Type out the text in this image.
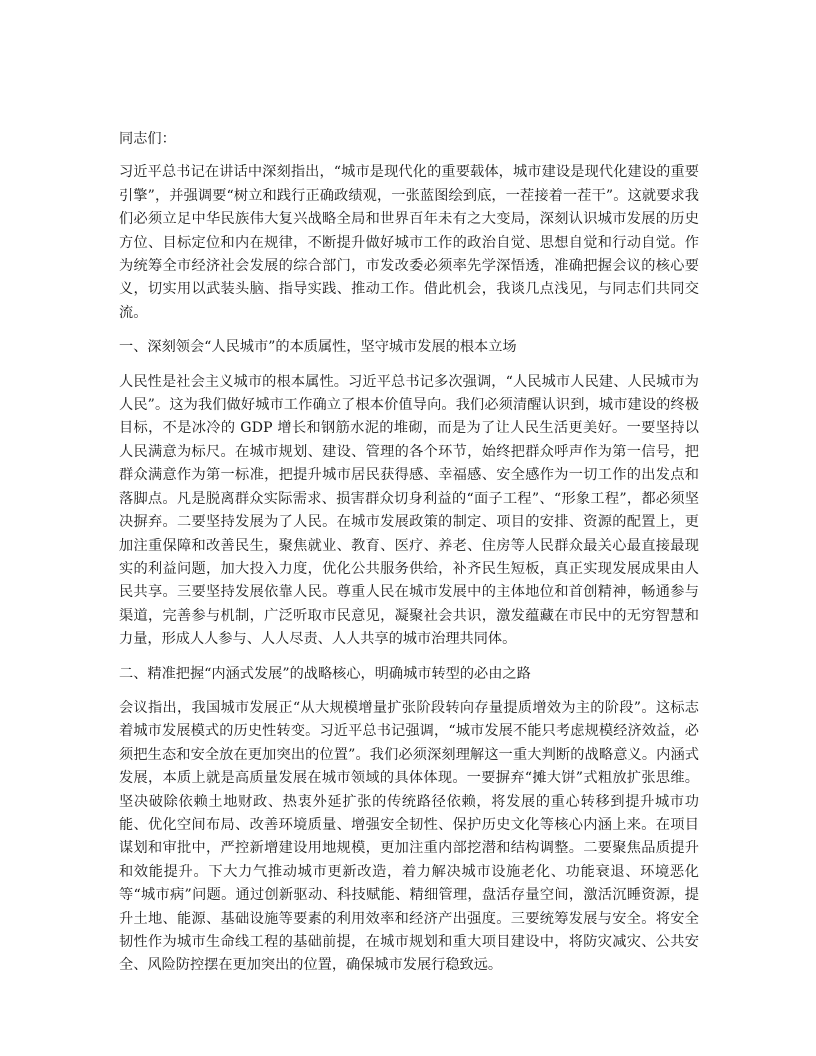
同志们：

习近平总书记在讲话中深刻指出，“城市是现代化的重要载体，城市建设是现代化建设的重要引擎”，并强调要“树立和践行正确政绩观，一张蓝图绘到底，一茬接着一茬干”。这就要求我们必须立足中华民族伟大复兴战略全局和世界百年未有之大变局，深刻认识城市发展的历史方位、目标定位和内在规律，不断提升做好城市工作的政治自觉、思想自觉和行动自觉。作为统筹全市经济社会发展的综合部门，市发改委必须率先学深悟透，准确把握会议的核心要义，切实用以武装头脑、指导实践、推动工作。借此机会，我谈几点浅见，与同志们共同交流。

一、深刻领会“人民城市”的本质属性，坚守城市发展的根本立场

人民性是社会主义城市的根本属性。习近平总书记多次强调，“人民城市人民建、人民城市为人民”。这为我们做好城市工作确立了根本价值导向。我们必须清醒认识到，城市建设的终极目标，不是冰冷的 GDP 增长和钢筋水泥的堆砌，而是为了让人民生活更美好。一要坚持以人民满意为标尺。在城市规划、建设、管理的各个环节，始终把群众呼声作为第一信号，把群众满意作为第一标准，把提升城市居民获得感、幸福感、安全感作为一切工作的出发点和落脚点。凡是脱离群众实际需求、损害群众切身利益的“面子工程”、“形象工程”，都必须坚决摒弃。二要坚持发展为了人民。在城市发展政策的制定、项目的安排、资源的配置上，更加注重保障和改善民生，聚焦就业、教育、医疗、养老、住房等人民群众最关心最直接最现实的利益问题，加大投入力度，优化公共服务供给，补齐民生短板，真正实现发展成果由人民共享。三要坚持发展依靠人民。尊重人民在城市发展中的主体地位和首创精神，畅通参与渠道，完善参与机制，广泛听取市民意见，凝聚社会共识，激发蕴藏在市民中的无穷智慧和力量，形成人人参与、人人尽责、人人共享的城市治理共同体。

二、精准把握“内涵式发展”的战略核心，明确城市转型的必由之路

会议指出，我国城市发展正“从大规模增量扩张阶段转向存量提质增效为主的阶段”。这标志着城市发展模式的历史性转变。习近平总书记强调，“城市发展不能只考虑规模经济效益，必须把生态和安全放在更加突出的位置”。我们必须深刻理解这一重大判断的战略意义。内涵式发展，本质上就是高质量发展在城市领域的具体体现。一要摒弃“摊大饼”式粗放扩张思维。坚决破除依赖土地财政、热衷外延扩张的传统路径依赖，将发展的重心转移到提升城市功能、优化空间布局、改善环境质量、增强安全韧性、保护历史文化等核心内涵上来。在项目谋划和审批中，严控新增建设用地规模，更加注重内部挖潜和结构调整。二要聚焦品质提升和效能提升。下大力气推动城市更新改造，着力解决城市设施老化、功能衰退、环境恶化等“城市病”问题。通过创新驱动、科技赋能、精细管理，盘活存量空间，激活沉睡资源，提升土地、能源、基础设施等要素的利用效率和经济产出强度。三要统筹发展与安全。将安全韧性作为城市生命线工程的基础前提，在城市规划和重大项目建设中，将防灾减灾、公共安全、风险防控摆在更加突出的位置，确保城市发展行稳致远。
